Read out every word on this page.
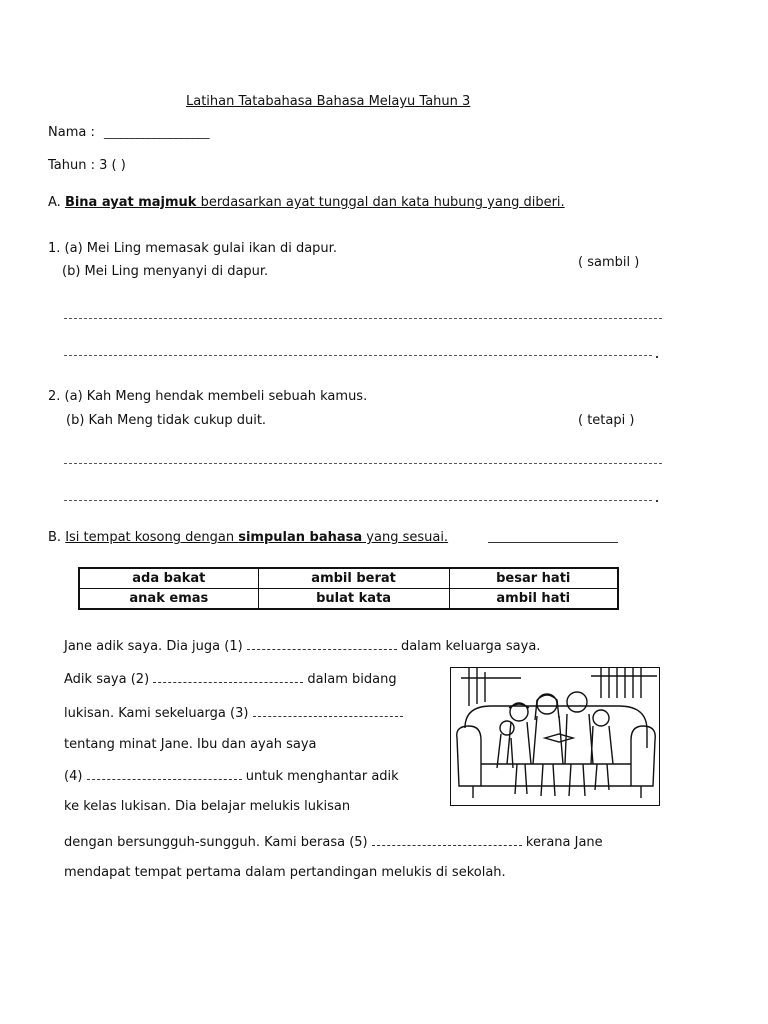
Latihan Tatabahasa Bahasa Melayu Tahun 3
Nama : ___________________
Tahun : 3 ( )
A. Bina ayat majmuk berdasarkan ayat tunggal dan kata hubung yang diberi.
1. (a) Mei Ling memasak gulai ikan di dapur.
(b) Mei Ling menyanyi di dapur.
( sambil )
2. (a) Kah Meng hendak membeli sebuah kamus.
(b) Kah Meng tidak cukup duit.	( tetapi )
B. Isi tempat kosong dengan simpulan bahasa yang sesuai.
ada bakat	ambil berat	besar hati
anak emas	bulat kata	ambil hati
Jane adik saya. Dia juga (1)	dalam keluarga saya.
Adik saya (2)	dalam bidang
lukisan. Kami sekeluarga (3)
tentang minat Jane. Ibu dan ayah saya
(4)	untuk menghantar adik
ke kelas lukisan. Dia belajar melukis lukisan
dengan bersungguh-sungguh. Kami berasa (5)	kerana Jane
mendapat tempat pertama dalam pertandingan melukis di sekolah.
